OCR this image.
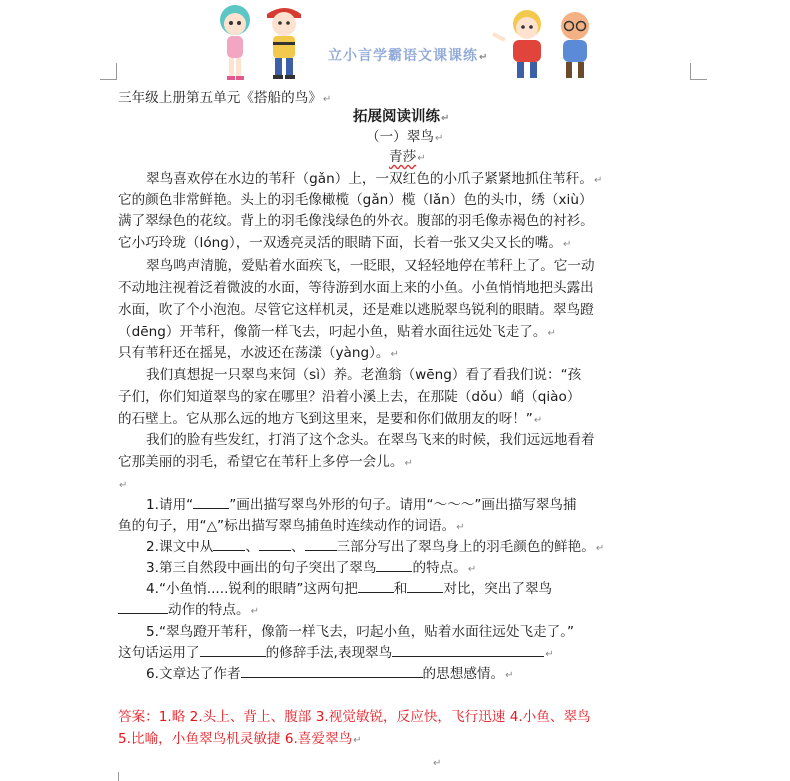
立小言学霸语文课课练↵
三年级上册第五单元《搭船的鸟》↵
拓展阅读训练↵
（一）翠鸟↵
青莎↵
翠鸟喜欢停在水边的苇秆（gǎn）上，一双红色的小爪子紧紧地抓住苇秆。↵
它的颜色非常鲜艳。头上的羽毛像橄榄（gǎn）榄（lǎn）色的头巾，绣（xiù）
满了翠绿色的花纹。背上的羽毛像浅绿色的外衣。腹部的羽毛像赤褐色的衬衫。
它小巧玲珑（lóng），一双透亮灵活的眼睛下面，长着一张又尖又长的嘴。↵
翠鸟鸣声清脆，爱贴着水面疾飞，一眨眼，又轻轻地停在苇秆上了。它一动
不动地注视着泛着微波的水面，等待游到水面上来的小鱼。小鱼悄悄地把头露出
水面，吹了个小泡泡。尽管它这样机灵，还是难以逃脱翠鸟锐利的眼睛。翠鸟蹬
（dēng）开苇秆，像箭一样飞去，叼起小鱼，贴着水面往远处飞走了。↵
只有苇秆还在摇晃，水波还在荡漾（yàng）。↵
我们真想捉一只翠鸟来饲（sì）养。老渔翁（wēng）看了看我们说：“孩
子们，你们知道翠鸟的家在哪里？沿着小溪上去，在那陡（dǒu）峭（qiào）
的石壁上。它从那么远的地方飞到这里来，是要和你们做朋友的呀！”↵
我们的脸有些发红，打消了这个念头。在翠鸟飞来的时候，我们远远地看着
它那美丽的羽毛，希望它在苇秆上多停一会儿。↵
↵
1.请用“	”画出描写翠鸟外形的句子。请用“～～～”画出描写翠鸟捕
鱼的句子，用“△”标出描写翠鸟捕鱼时连续动作的词语。↵
2.课文中从 、 、 三部分写出了翠鸟身上的羽毛颜色的鲜艳。↵
3.第三自然段中画出的句子突出了翠鸟	的特点。↵
4.“小鱼悄.....锐利的眼睛”这两句把	和	对比，突出了翠鸟
动作的特点。↵
5.“翠鸟蹬开苇秆，像箭一样飞去，叼起小鱼，贴着水面往远处飞走了。”
这句话运用了	的修辞手法,表现翠鸟	↵
6.文章达了作者	的思想感情。↵
答案：1.略 2.头上、背上、腹部 3.视觉敏锐，反应快，飞行迅速 4.小鱼、翠鸟
5.比喻，小鱼翠鸟机灵敏捷 6.喜爱翠鸟↵
↵
